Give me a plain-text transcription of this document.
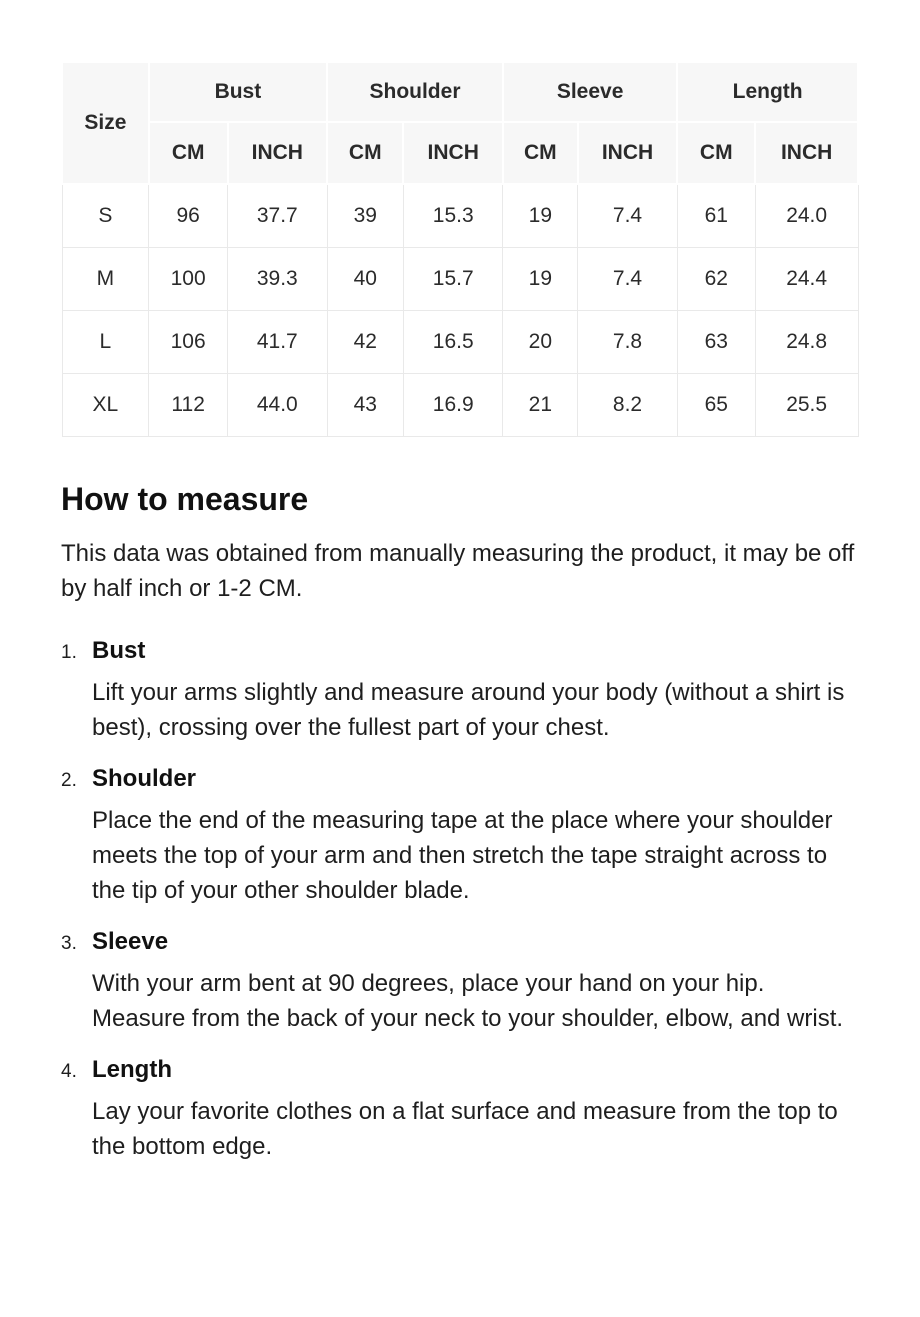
Size	Bust		Shoulder		Sleeve		Length	
	CM	INCH	CM	INCH	CM	INCH	CM	INCH
S	96	37.7	39	15.3	19	7.4	61	24.0
M	100	39.3	40	15.7	19	7.4	62	24.4
L	106	41.7	42	16.5	20	7.8	63	24.8
XL	112	44.0	43	16.9	21	8.2	65	25.5
How to measure

This data was obtained from manually measuring the product, it may be off by half inch or 1-2 CM.

1. Bust
Lift your arms slightly and measure around your body (without a shirt is best), crossing over the fullest part of your chest.
2. Shoulder
Place the end of the measuring tape at the place where your shoulder meets the top of your arm and then stretch the tape straight across to the tip of your other shoulder blade.
3. Sleeve
With your arm bent at 90 degrees, place your hand on your hip. Measure from the back of your neck to your shoulder, elbow, and wrist.
4. Length
Lay your favorite clothes on a flat surface and measure from the top to the bottom edge.
